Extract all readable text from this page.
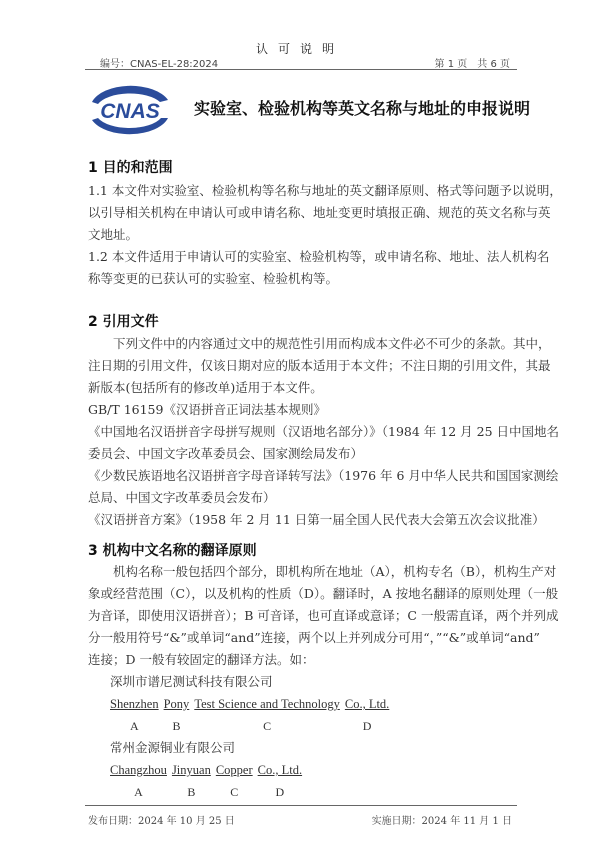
认可说明
编号：CNAS-EL-28:2024	第 1 页　共 6 页
CNAS 实验室、检验机构等英文名称与地址的申报说明
1 目的和范围
1.1 本文件对实验室、检验机构等名称与地址的英文翻译原则、格式等问题予以说明，
以引导相关机构在申请认可或申请名称、地址变更时填报正确、规范的英文名称与英
文地址。
1.2 本文件适用于申请认可的实验室、检验机构等，或申请名称、地址、法人机构名
称等变更的已获认可的实验室、检验机构等。
2 引用文件
下列文件中的内容通过文中的规范性引用而构成本文件必不可少的条款。其中，
注日期的引用文件，仅该日期对应的版本适用于本文件；不注日期的引用文件，其最
新版本(包括所有的修改单)适用于本文件。
GB/T 16159《汉语拼音正词法基本规则》
《中国地名汉语拼音字母拼写规则（汉语地名部分）》（1984 年 12 月 25 日中国地名
委员会、中国文字改革委员会、国家测绘局发布）
《少数民族语地名汉语拼音字母音译转写法》（1976 年 6 月中华人民共和国国家测绘
总局、中国文字改革委员会发布）
《汉语拼音方案》（1958 年 2 月 11 日第一届全国人民代表大会第五次会议批准）
3 机构中文名称的翻译原则
机构名称一般包括四个部分，即机构所在地址（A），机构专名（B），机构生产对
象或经营范围（C），以及机构的性质（D）。翻译时，A 按地名翻译的原则处理（一般
为音译，即使用汉语拼音）；B 可音译，也可直译或意译；C 一般需直译，两个并列成
分一般用符号“&”或单词“and”连接，两个以上并列成分可用“，”“&”或单词“and”
连接；D 一般有较固定的翻译方法。如：
深圳市谱尼测试科技有限公司
Shenzhen
A
Pony
B
Test Science and Technology
C
Co., Ltd.
D
常州金源铜业有限公司
Changzhou
A
Jinyuan
B
Copper
C
Co., Ltd.
D
发布日期：2024 年 10 月 25 日	实施日期：2024 年 11 月 1 日
